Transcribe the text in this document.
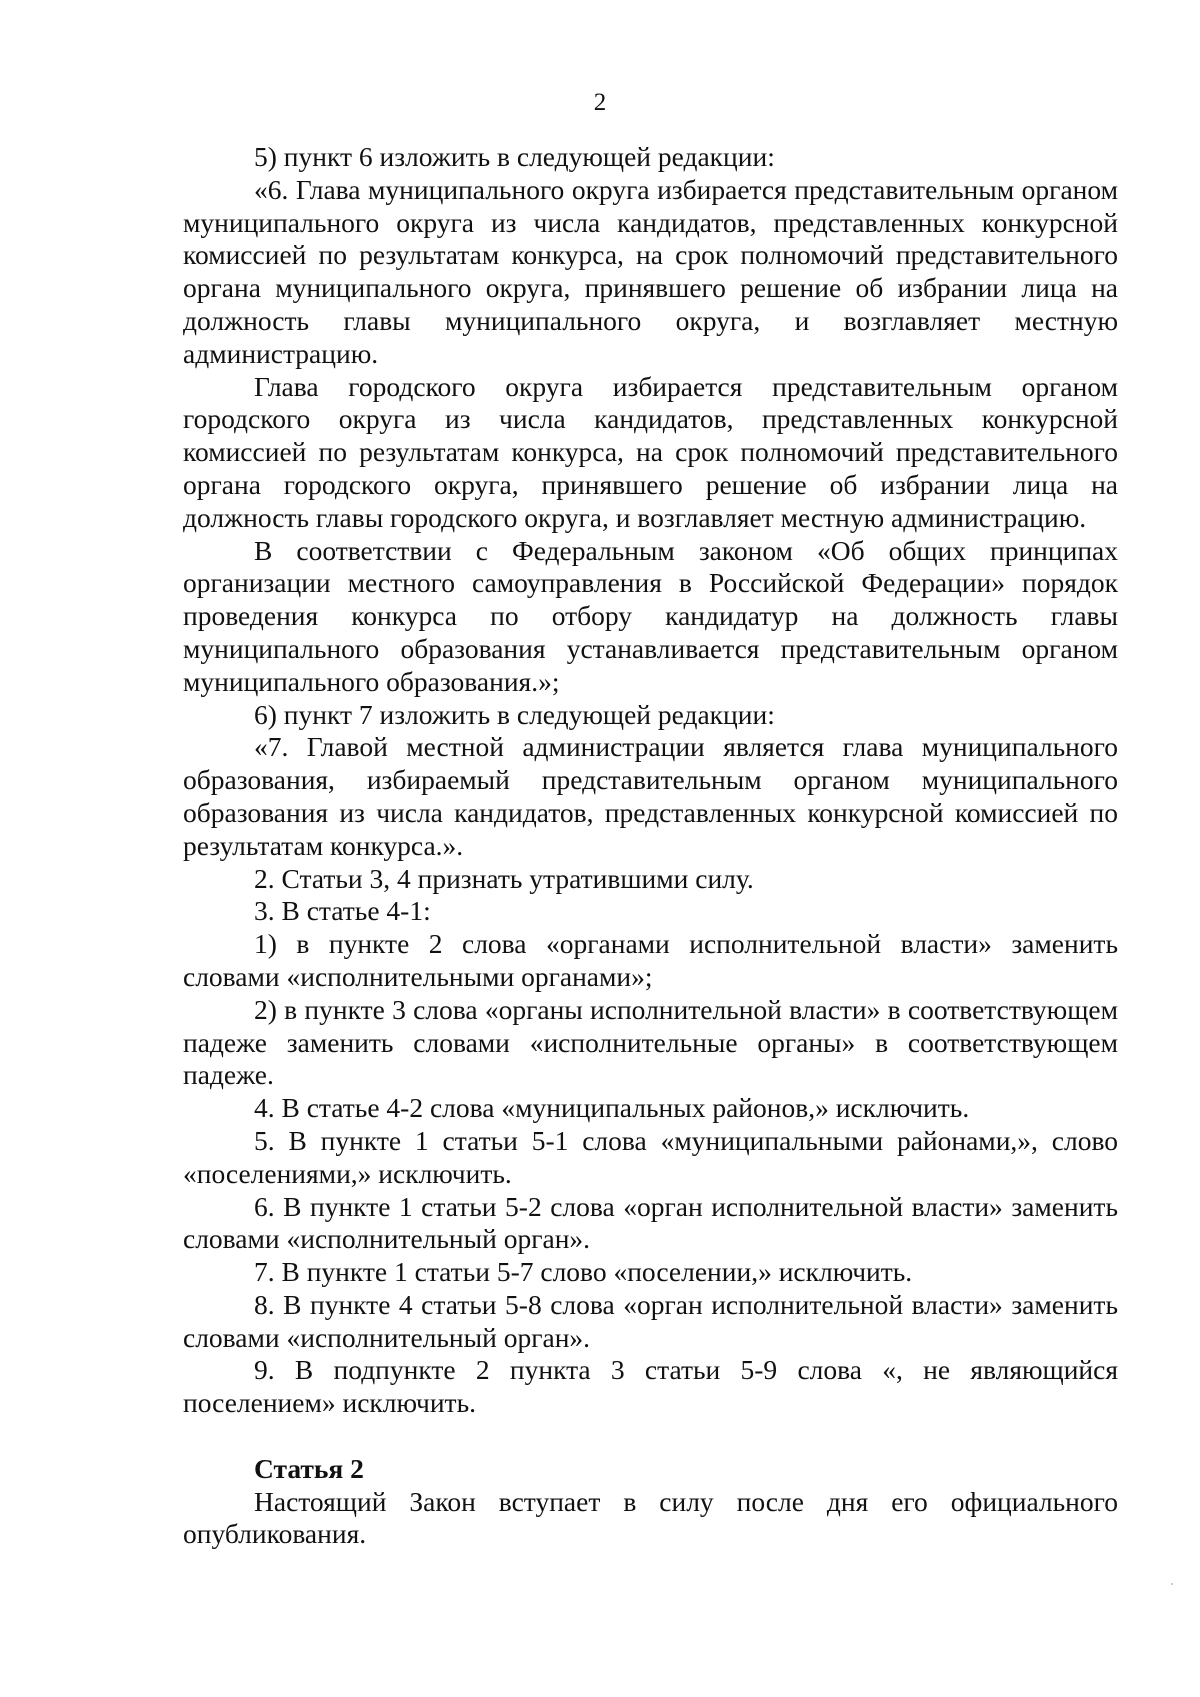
2

5) пункт 6 изложить в следующей редакции:

«6. Глава муниципального округа избирается представительным органом муниципального округа из числа кандидатов, представленных конкурсной комиссией по результатам конкурса, на срок полномочий представительного органа муниципального округа, принявшего решение об избрании лица на должность главы муниципального округа, и возглавляет местную администрацию.

Глава городского округа избирается представительным органом городского округа из числа кандидатов, представленных конкурсной комиссией по результатам конкурса, на срок полномочий представительного органа городского округа, принявшего решение об избрании лица на должность главы городского округа, и возглавляет местную администрацию.

В соответствии с Федеральным законом «Об общих принципах организации местного самоуправления в Российской Федерации» порядок проведения конкурса по отбору кандидатур на должность главы муниципального образования устанавливается представительным органом муниципального образования.»;

6) пункт 7 изложить в следующей редакции:

«7. Главой местной администрации является глава муниципального образования, избираемый представительным органом муниципального образования из числа кандидатов, представленных конкурсной комиссией по результатам конкурса.».

2. Статьи 3, 4 признать утратившими силу.

3. В статье 4-1:

1) в пункте 2 слова «органами исполнительной власти» заменить словами «исполнительными органами»;

2) в пункте 3 слова «органы исполнительной власти» в соответствующем падеже заменить словами «исполнительные органы» в соответствующем падеже.

4. В статье 4-2 слова «муниципальных районов,» исключить.

5. В пункте 1 статьи 5-1 слова «муниципальными районами,», слово «поселениями,» исключить.

6. В пункте 1 статьи 5-2 слова «орган исполнительной власти» заменить словами «исполнительный орган».

7. В пункте 1 статьи 5-7 слово «поселении,» исключить.

8. В пункте 4 статьи 5-8 слова «орган исполнительной власти» заменить словами «исполнительный орган».

9. В подпункте 2 пункта 3 статьи 5-9 слова «, не являющийся поселением» исключить.

Статья 2

Настоящий Закон вступает в силу после дня его официального опубликования.
